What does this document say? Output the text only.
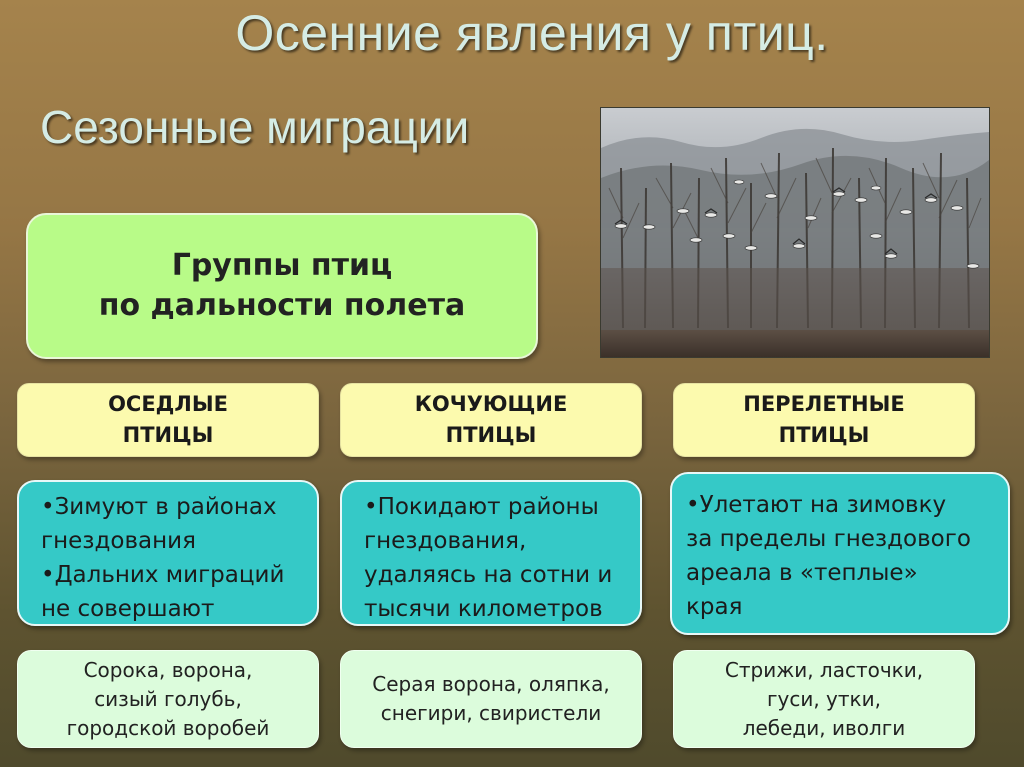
Осенние явления у птиц.
Сезонные миграции
Группы птиц
по дальности полета
ОСЕДЛЫЕ
ПТИЦЫ
КОЧУЮЩИЕ
ПТИЦЫ
ПЕРЕЛЕТНЫЕ
ПТИЦЫ
•Зимуют в районах
гнездования
•Дальних миграций
не совершают
•Покидают районы
гнездования,
удаляясь на сотни и
тысячи километров
•Улетают на зимовку
за пределы гнездового
ареала в «теплые»
края
Сорока, ворона,
сизый голубь,
городской воробей
Серая ворона, оляпка,
снегири, свиристели
Стрижи, ласточки,
гуси, утки,
лебеди, иволги
